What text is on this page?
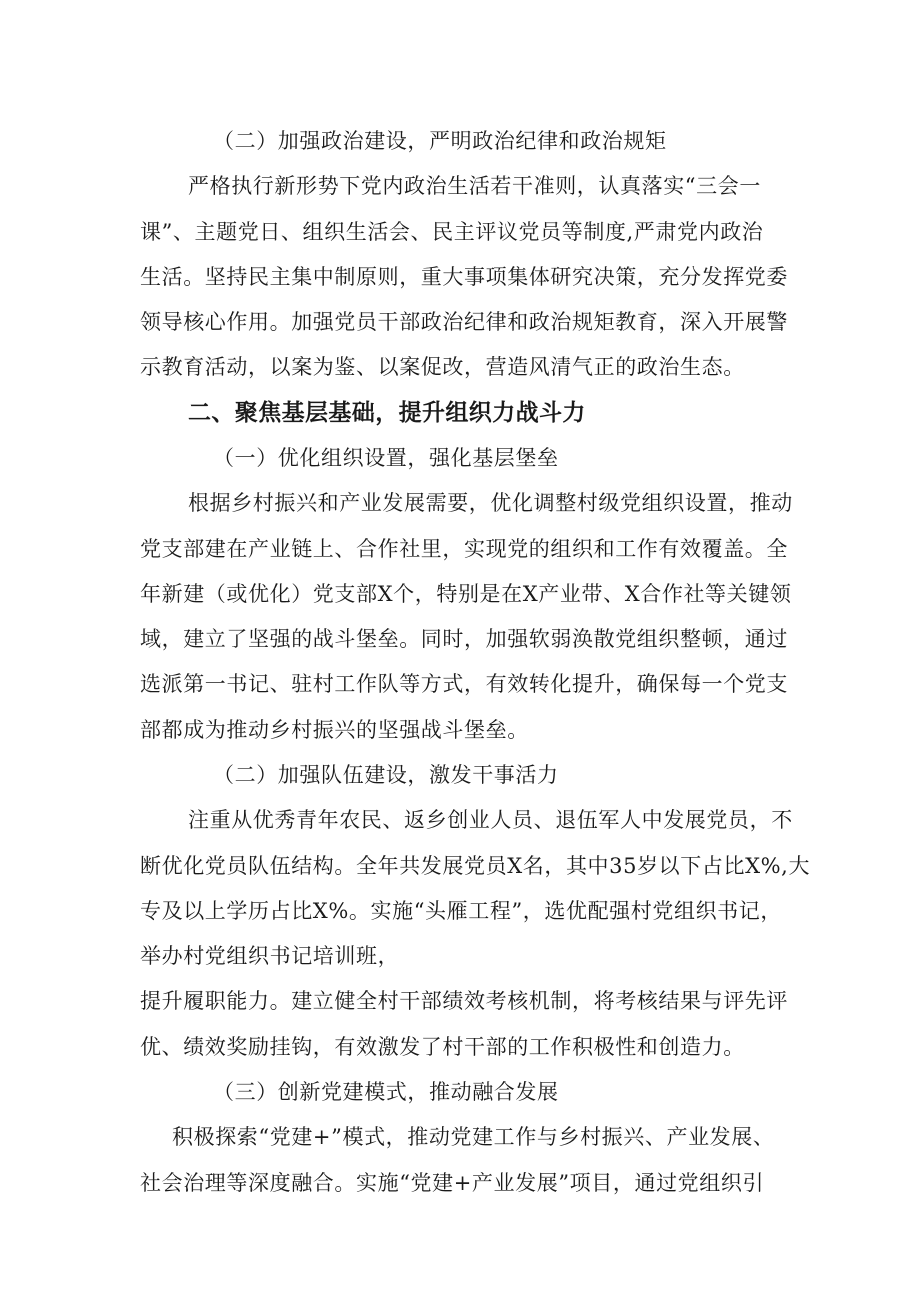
（二）加强政治建设，严明政治纪律和政治规矩
严格执行新形势下党内政治生活若干准则，认真落实“三会一
课”、主题党日、组织生活会、民主评议党员等制度,严肃党内政治
生活。坚持民主集中制原则，重大事项集体研究决策，充分发挥党委
领导核心作用。加强党员干部政治纪律和政治规矩教育，深入开展警
示教育活动，以案为鉴、以案促改，营造风清气正的政治生态。
二、聚焦基层基础，提升组织力战斗力
（一）优化组织设置，强化基层堡垒
根据乡村振兴和产业发展需要，优化调整村级党组织设置，推动
党支部建在产业链上、合作社里，实现党的组织和工作有效覆盖。全
年新建（或优化）党支部X个，特别是在X产业带、X合作社等关键领
域，建立了坚强的战斗堡垒。同时，加强软弱涣散党组织整顿，通过
选派第一书记、驻村工作队等方式，有效转化提升，确保每一个党支
部都成为推动乡村振兴的坚强战斗堡垒。
（二）加强队伍建设，激发干事活力
注重从优秀青年农民、返乡创业人员、退伍军人中发展党员，不
断优化党员队伍结构。全年共发展党员X名，其中35岁以下占比X%,大
专及以上学历占比X%。实施“头雁工程”，选优配强村党组织书记，
举办村党组织书记培训班，
提升履职能力。建立健全村干部绩效考核机制，将考核结果与评先评
优、绩效奖励挂钩，有效激发了村干部的工作积极性和创造力。
（三）创新党建模式，推动融合发展
积极探索“党建+”模式，推动党建工作与乡村振兴、产业发展、
社会治理等深度融合。实施“党建+产业发展”项目，通过党组织引
